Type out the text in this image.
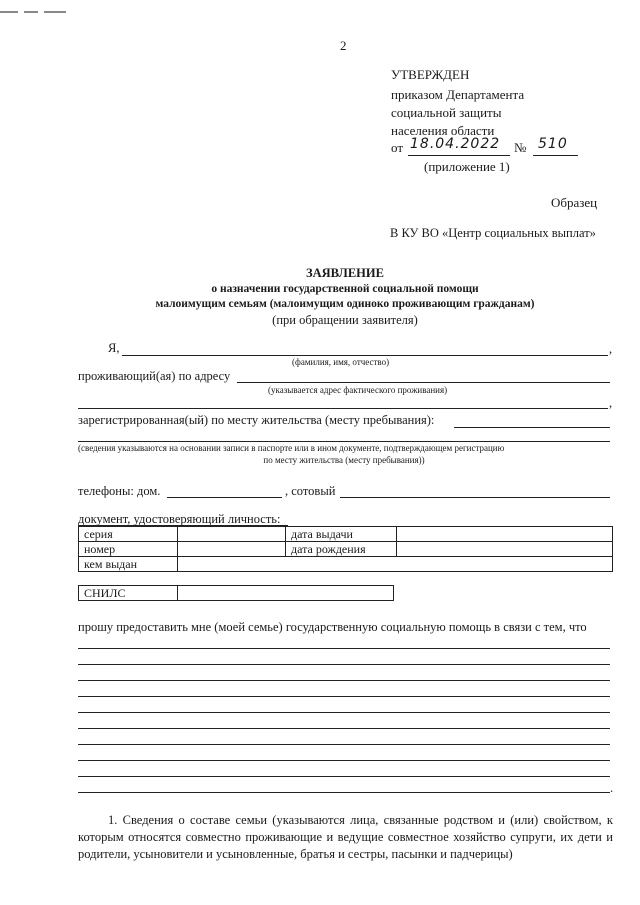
2
УТВЕРЖДЕН
приказом Департамента
социальной защиты
населения области
от 18.04.2022 № 510
(приложение 1)
Образец
В КУ ВО «Центр социальных выплат»
ЗАЯВЛЕНИЕ
о назначении государственной социальной помощи
малоимущим семьям (малоимущим одиноко проживающим гражданам)
(при обращении заявителя)
Я,	,
(фамилия, имя, отчество)
проживающий(ая) по адресу
(указывается адрес фактического проживания)
,
зарегистрированная(ый) по месту жительства (месту пребывания):
(сведения указываются на основании записи в паспорте или в ином документе, подтверждающем регистрацию
по месту жительства (месту пребывания))
телефоны: дом.	, сотовый
документ, удостоверяющий личность:
серия		дата выдачи	
номер		дата рождения	
кем выдан			
СНИЛС	
прошу предоставить мне (моей семье) государственную социальную помощь в связи с тем, что
.
1. Сведения о составе семьи (указываются лица, связанные родством и (или) свойством, к которым относятся совместно проживающие и ведущие совместное хозяйство супруги, их дети и родители, усыновители и усыновленные, братья и сестры, пасынки и падчерицы)
